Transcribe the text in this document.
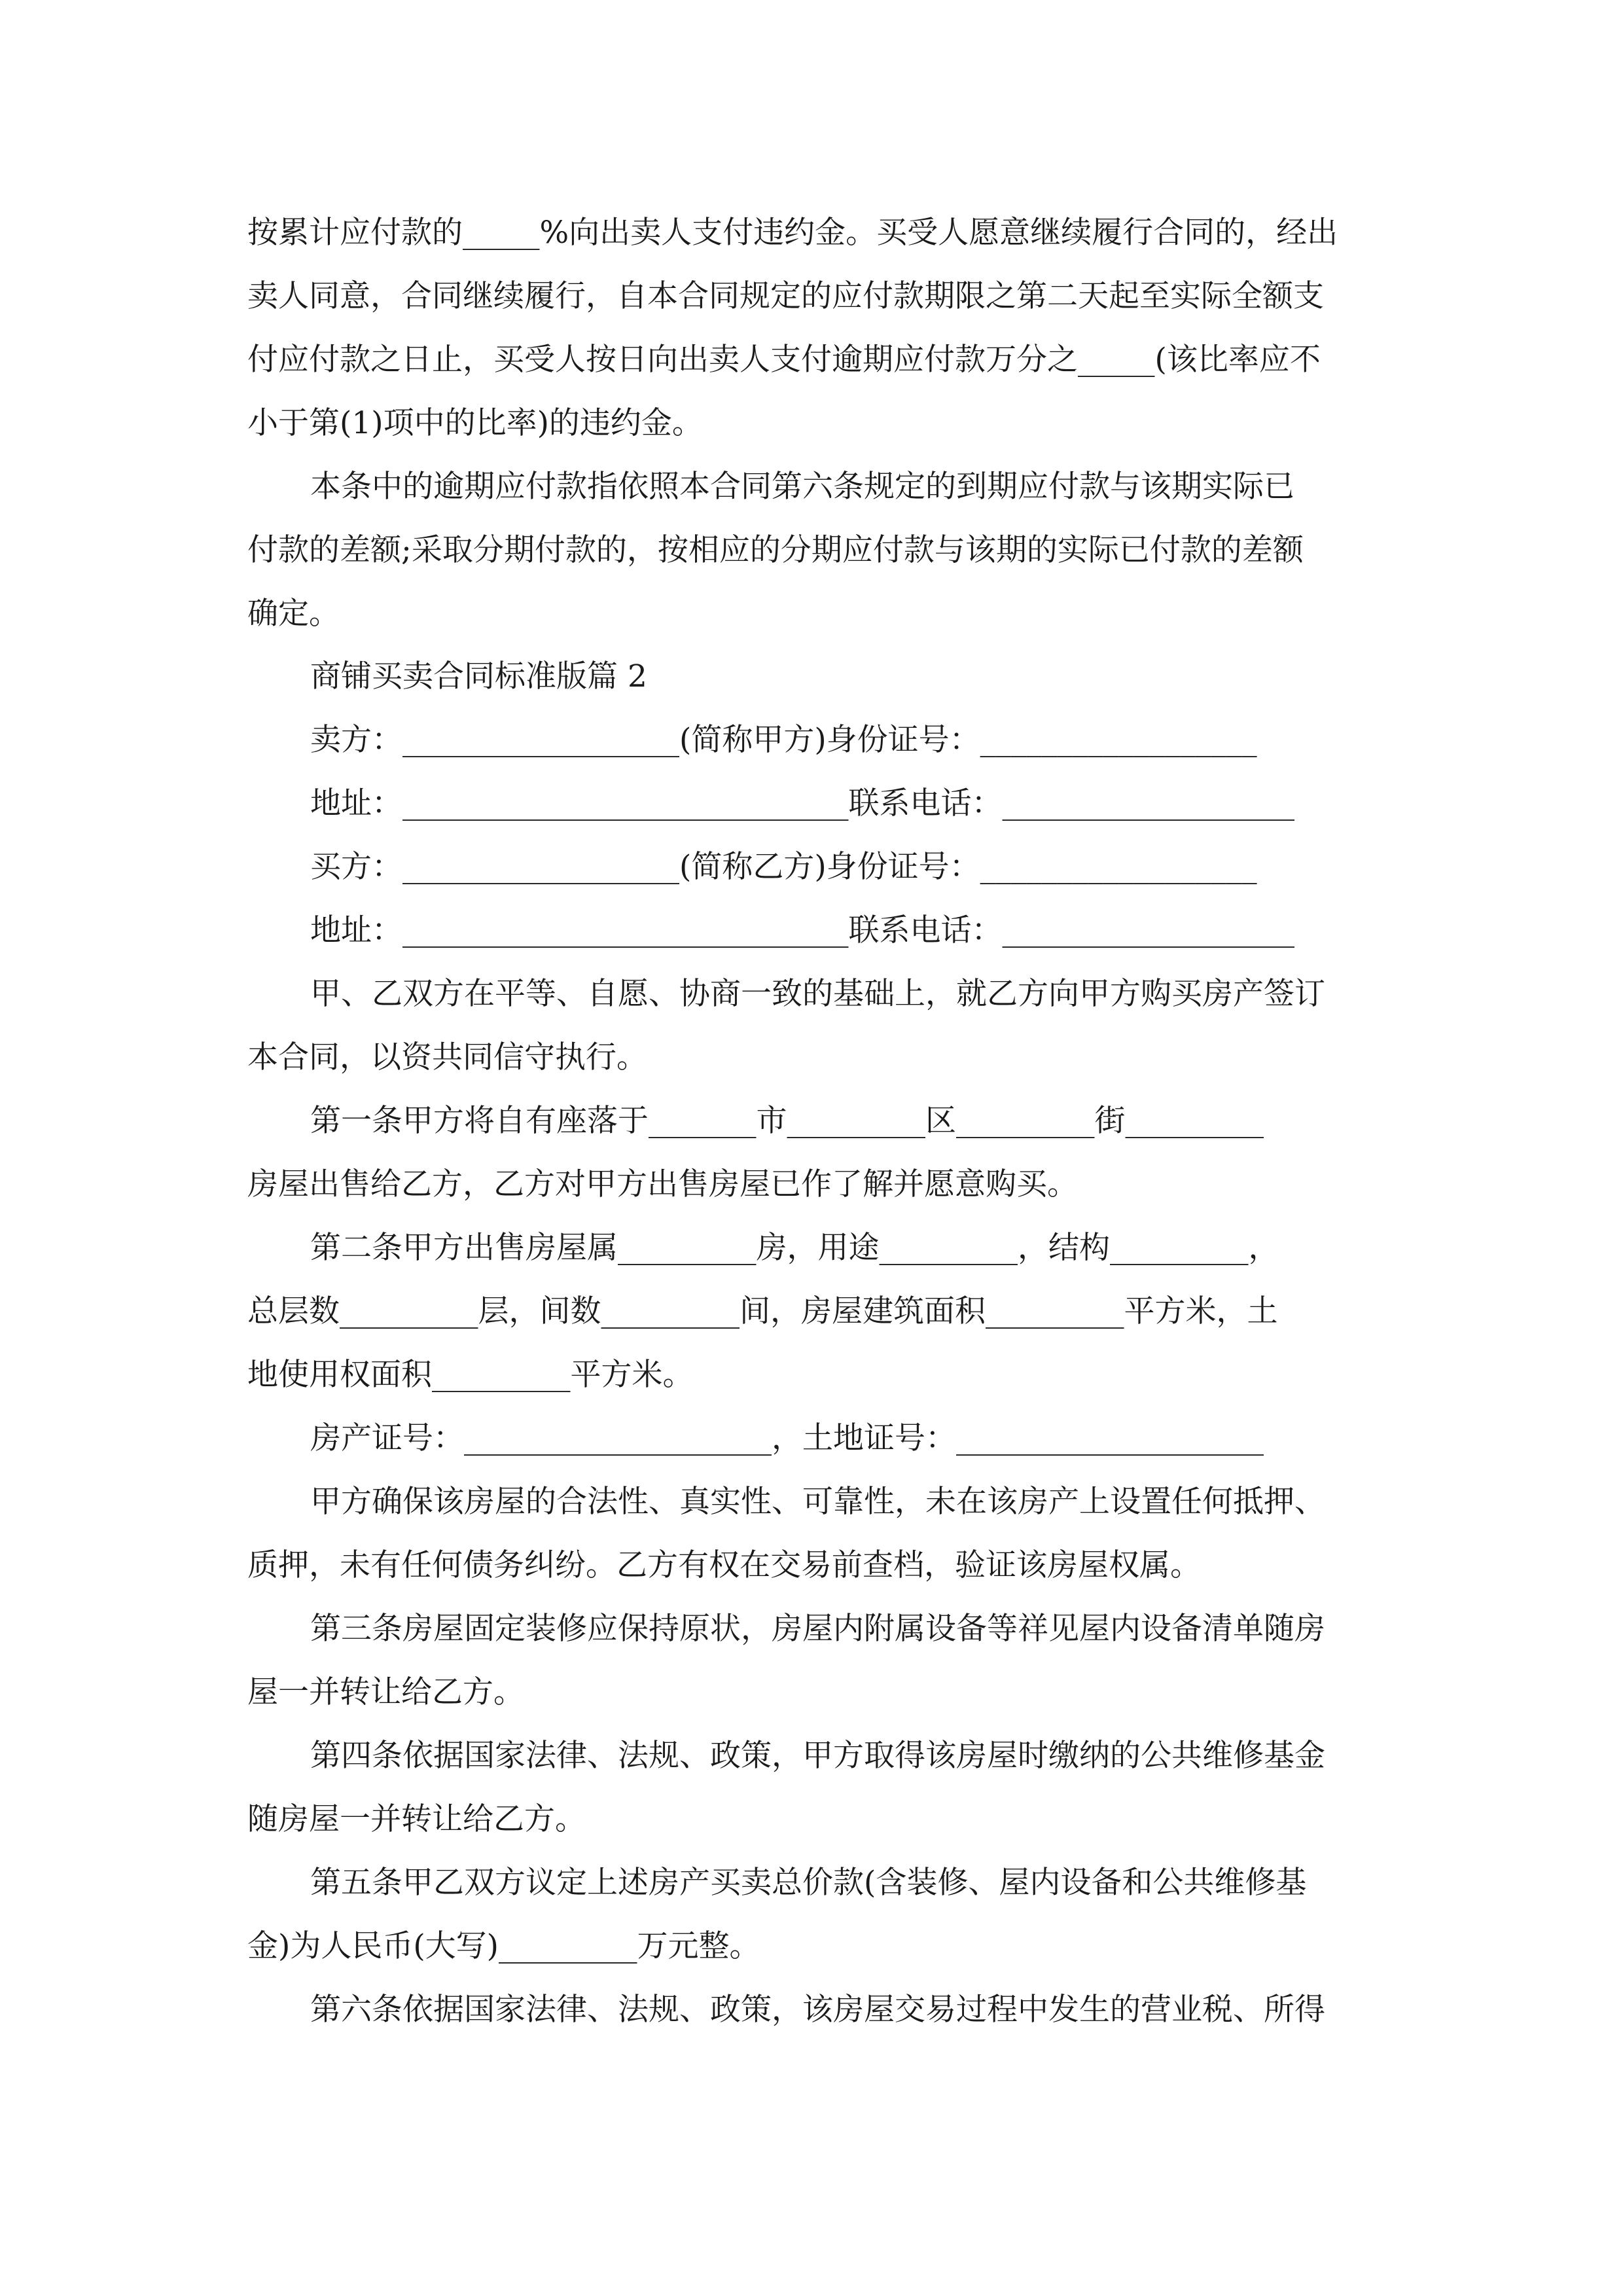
按累计应付款的_____%向出卖人支付违约金。买受人愿意继续履行合同的，经出
卖人同意，合同继续履行，自本合同规定的应付款期限之第二天起至实际全额支
付应付款之日止，买受人按日向出卖人支付逾期应付款万分之_____(该比率应不
小于第(1)项中的比率)的违约金。
本条中的逾期应付款指依照本合同第六条规定的到期应付款与该期实际已
付款的差额;采取分期付款的，按相应的分期应付款与该期的实际已付款的差额
确定。
商铺买卖合同标准版篇 2
卖方：__________________(简称甲方)身份证号：__________________
地址：_____________________________联系电话：___________________
买方：__________________(简称乙方)身份证号：__________________
地址：_____________________________联系电话：___________________
甲、乙双方在平等、自愿、协商一致的基础上，就乙方向甲方购买房产签订
本合同，以资共同信守执行。
第一条甲方将自有座落于_______市_________区_________街_________
房屋出售给乙方，乙方对甲方出售房屋已作了解并愿意购买。
第二条甲方出售房屋属_________房，用途_________，结构_________，
总层数_________层，间数_________间，房屋建筑面积_________平方米，土
地使用权面积_________平方米。
房产证号：____________________，土地证号：____________________
甲方确保该房屋的合法性、真实性、可靠性，未在该房产上设置任何抵押、
质押，未有任何债务纠纷。乙方有权在交易前查档，验证该房屋权属。
第三条房屋固定装修应保持原状，房屋内附属设备等祥见屋内设备清单随房
屋一并转让给乙方。
第四条依据国家法律、法规、政策，甲方取得该房屋时缴纳的公共维修基金
随房屋一并转让给乙方。
第五条甲乙双方议定上述房产买卖总价款(含装修、屋内设备和公共维修基
金)为人民币(大写)_________万元整。
第六条依据国家法律、法规、政策，该房屋交易过程中发生的营业税、所得
